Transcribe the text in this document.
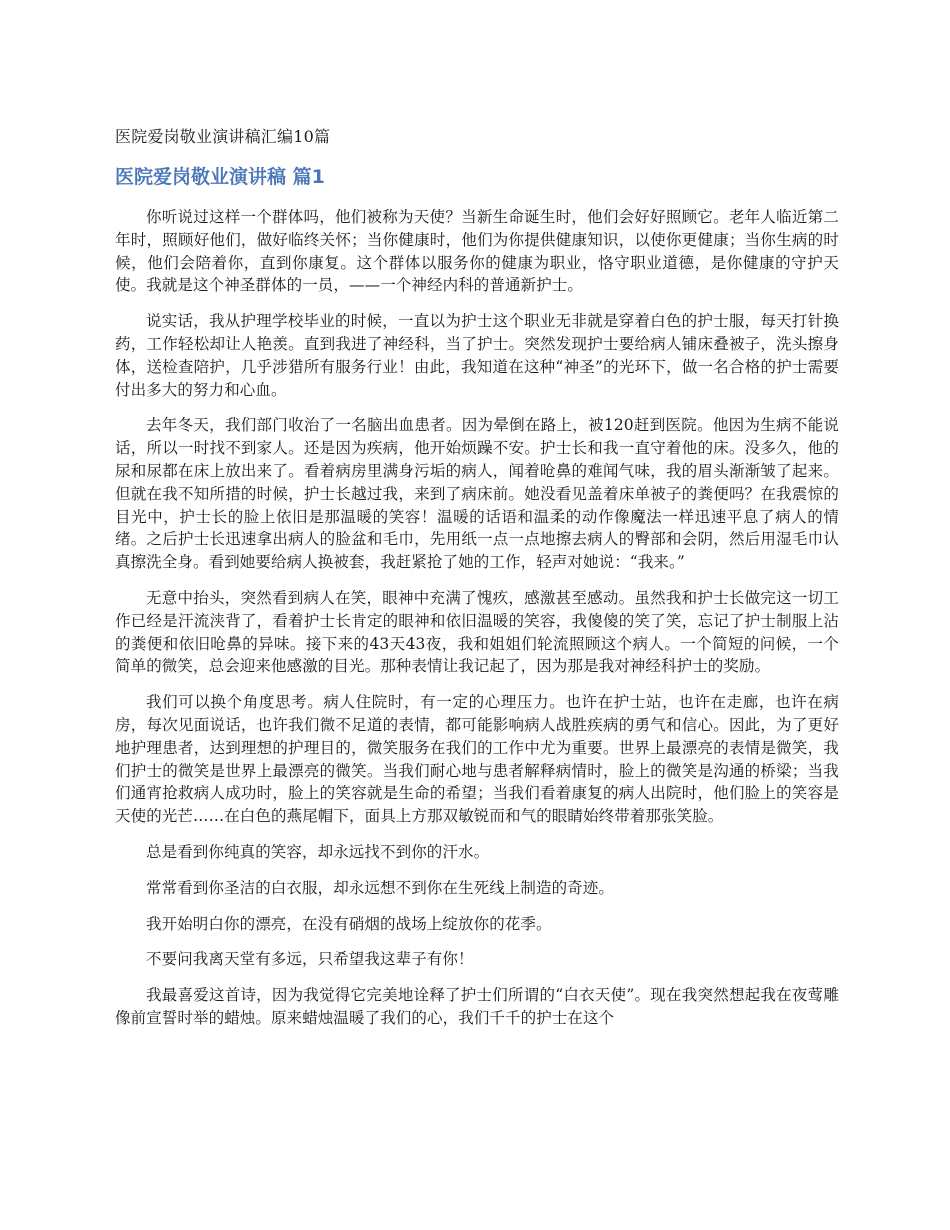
医院爱岗敬业演讲稿汇编10篇
医院爱岗敬业演讲稿 篇1

你听说过这样一个群体吗，他们被称为天使？当新生命诞生时，他们会好好照顾它。老年人临近第二年时，照顾好他们，做好临终关怀；当你健康时，他们为你提供健康知识，以使你更健康；当你生病的时候，他们会陪着你，直到你康复。这个群体以服务你的健康为职业，恪守职业道德，是你健康的守护天使。我就是这个神圣群体的一员，——一个神经内科的普通新护士。

说实话，我从护理学校毕业的时候，一直以为护士这个职业无非就是穿着白色的护士服，每天打针换药，工作轻松却让人艳羡。直到我进了神经科，当了护士。突然发现护士要给病人铺床叠被子，洗头擦身体，送检查陪护，几乎涉猎所有服务行业！由此，我知道在这种“神圣”的光环下，做一名合格的护士需要付出多大的努力和心血。

去年冬天，我们部门收治了一名脑出血患者。因为晕倒在路上，被120赶到医院。他因为生病不能说话，所以一时找不到家人。还是因为疾病，他开始烦躁不安。护士长和我一直守着他的床。没多久，他的尿和尿都在床上放出来了。看着病房里满身污垢的病人，闻着呛鼻的难闻气味，我的眉头渐渐皱了起来。但就在我不知所措的时候，护士长越过我，来到了病床前。她没看见盖着床单被子的粪便吗？在我震惊的目光中，护士长的脸上依旧是那温暖的笑容！温暖的话语和温柔的动作像魔法一样迅速平息了病人的情绪。之后护士长迅速拿出病人的脸盆和毛巾，先用纸一点一点地擦去病人的臀部和会阴，然后用湿毛巾认真擦洗全身。看到她要给病人换被套，我赶紧抢了她的工作，轻声对她说：“我来。”

无意中抬头，突然看到病人在笑，眼神中充满了愧疚，感激甚至感动。虽然我和护士长做完这一切工作已经是汗流浃背了，看着护士长肯定的眼神和依旧温暖的笑容，我傻傻的笑了笑，忘记了护士制服上沾的粪便和依旧呛鼻的异味。接下来的43天43夜，我和姐姐们轮流照顾这个病人。一个简短的问候，一个简单的微笑，总会迎来他感激的目光。那种表情让我记起了，因为那是我对神经科护士的奖励。

我们可以换个角度思考。病人住院时，有一定的心理压力。也许在护士站，也许在走廊，也许在病房，每次见面说话，也许我们微不足道的表情，都可能影响病人战胜疾病的勇气和信心。因此，为了更好地护理患者，达到理想的护理目的，微笑服务在我们的工作中尤为重要。世界上最漂亮的表情是微笑，我们护士的微笑是世界上最漂亮的微笑。当我们耐心地与患者解释病情时，脸上的微笑是沟通的桥梁；当我们通宵抢救病人成功时，脸上的笑容就是生命的希望；当我们看着康复的病人出院时，他们脸上的笑容是天使的光芒……在白色的燕尾帽下，面具上方那双敏锐而和气的眼睛始终带着那张笑脸。

总是看到你纯真的笑容，却永远找不到你的汗水。

常常看到你圣洁的白衣服，却永远想不到你在生死线上制造的奇迹。

我开始明白你的漂亮，在没有硝烟的战场上绽放你的花季。

不要问我离天堂有多远，只希望我这辈子有你！

我最喜爱这首诗，因为我觉得它完美地诠释了护士们所谓的“白衣天使”。现在我突然想起我在夜莺雕像前宣誓时举的蜡烛。原来蜡烛温暖了我们的心，我们千千的护士在这个
